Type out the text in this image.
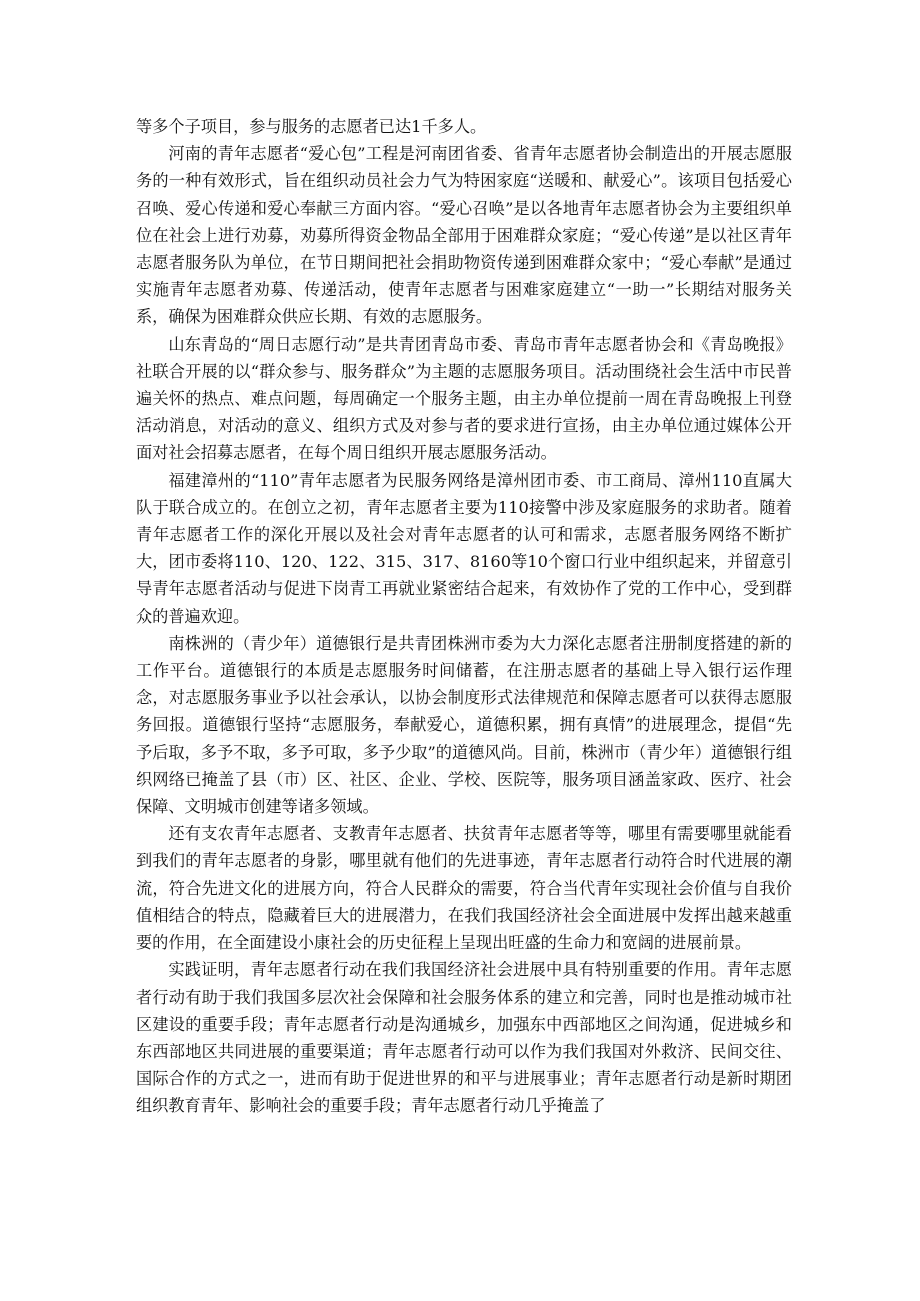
等多个子项目，参与服务的志愿者已达1千多人。

河南的青年志愿者“爱心包”工程是河南团省委、省青年志愿者协会制造出的开展志愿服务的一种有效形式，旨在组织动员社会力气为特困家庭“送暖和、献爱心”。该项目包括爱心召唤、爱心传递和爱心奉献三方面内容。“爱心召唤”是以各地青年志愿者协会为主要组织单位在社会上进行劝募，劝募所得资金物品全部用于困难群众家庭；“爱心传递”是以社区青年志愿者服务队为单位，在节日期间把社会捐助物资传递到困难群众家中；“爱心奉献”是通过实施青年志愿者劝募、传递活动，使青年志愿者与困难家庭建立“一助一”长期结对服务关系，确保为困难群众供应长期、有效的志愿服务。

山东青岛的“周日志愿行动”是共青团青岛市委、青岛市青年志愿者协会和《青岛晚报》社联合开展的以“群众参与、服务群众”为主题的志愿服务项目。活动围绕社会生活中市民普遍关怀的热点、难点问题，每周确定一个服务主题，由主办单位提前一周在青岛晚报上刊登活动消息，对活动的意义、组织方式及对参与者的要求进行宣扬，由主办单位通过媒体公开面对社会招募志愿者，在每个周日组织开展志愿服务活动。

福建漳州的“110”青年志愿者为民服务网络是漳州团市委、市工商局、漳州110直属大队于联合成立的。在创立之初，青年志愿者主要为110接警中涉及家庭服务的求助者。随着青年志愿者工作的深化开展以及社会对青年志愿者的认可和需求，志愿者服务网络不断扩大，团市委将110、120、122、315、317、8160等10个窗口行业中组织起来，并留意引导青年志愿者活动与促进下岗青工再就业紧密结合起来，有效协作了党的工作中心，受到群众的普遍欢迎。

南株洲的（青少年）道德银行是共青团株洲市委为大力深化志愿者注册制度搭建的新的工作平台。道德银行的本质是志愿服务时间储蓄，在注册志愿者的基础上导入银行运作理念，对志愿服务事业予以社会承认，以协会制度形式法律规范和保障志愿者可以获得志愿服务回报。道德银行坚持“志愿服务，奉献爱心，道德积累，拥有真情”的进展理念，提倡“先予后取，多予不取，多予可取，多予少取”的道德风尚。目前，株洲市（青少年）道德银行组织网络已掩盖了县（市）区、社区、企业、学校、医院等，服务项目涵盖家政、医疗、社会保障、文明城市创建等诸多领域。

还有支农青年志愿者、支教青年志愿者、扶贫青年志愿者等等，哪里有需要哪里就能看到我们的青年志愿者的身影，哪里就有他们的先进事迹，青年志愿者行动符合时代进展的潮流，符合先进文化的进展方向，符合人民群众的需要，符合当代青年实现社会价值与自我价值相结合的特点，隐藏着巨大的进展潜力，在我们我国经济社会全面进展中发挥出越来越重要的作用，在全面建设小康社会的历史征程上呈现出旺盛的生命力和宽阔的进展前景。

实践证明，青年志愿者行动在我们我国经济社会进展中具有特别重要的作用。青年志愿者行动有助于我们我国多层次社会保障和社会服务体系的建立和完善，同时也是推动城市社区建设的重要手段；青年志愿者行动是沟通城乡，加强东中西部地区之间沟通，促进城乡和东西部地区共同进展的重要渠道；青年志愿者行动可以作为我们我国对外救济、民间交往、国际合作的方式之一，进而有助于促进世界的和平与进展事业；青年志愿者行动是新时期团组织教育青年、影响社会的重要手段；青年志愿者行动几乎掩盖了
